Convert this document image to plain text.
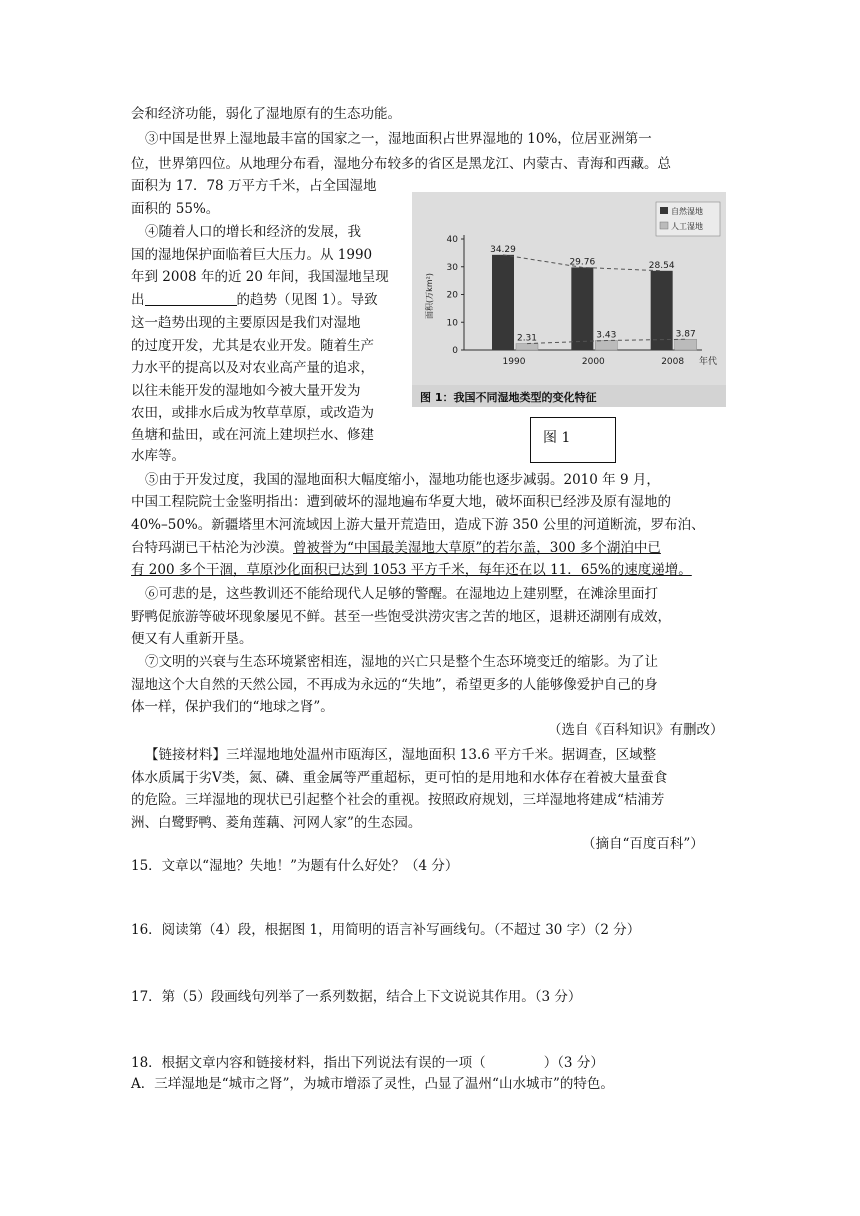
会和经济功能，弱化了湿地原有的生态功能。
③中国是世界上湿地最丰富的国家之一，湿地面积占世界湿地的 10%，位居亚洲第一
位，世界第四位。从地理分布看，湿地分布较多的省区是黑龙江、内蒙古、青海和西藏。总
面积为 17．78 万平方千米，占全国湿地
面积的 55%。
④随着人口的增长和经济的发展，我
国的湿地保护面临着巨大压力。从 1990
年到 2008 年的近 20 年间，我国湿地呈现
出	的趋势（见图 1）。导致
这一趋势出现的主要原因是我们对湿地
的过度开发，尤其是农业开发。随着生产
力水平的提高以及对农业高产量的追求，
以往未能开发的湿地如今被大量开发为
农田，或排水后成为牧草草原，或改造为
鱼塘和盐田，或在河流上建坝拦水、修建
水库等。
0
10
20
30
40
面积(万km²)
34.29
2.31
1990
29.76
3.43
2000
28.54
3.87
2008 年代
自然湿地
人工湿地
图 1：我国不同湿地类型的变化特征
图 1
⑤由于开发过度，我国的湿地面积大幅度缩小，湿地功能也逐步减弱。2010 年 9 月，
中国工程院院士金鉴明指出：遭到破坏的湿地遍布华夏大地，破坏面积已经涉及原有湿地的
40%–50%。新疆塔里木河流域因上游大量开荒造田，造成下游 350 公里的河道断流，罗布泊、
台特玛湖已干枯沦为沙漠。曾被誉为“中国最美湿地大草原”的若尔盖，300 多个湖泊中已
有 200 多个干涸，草原沙化面积已达到 1053 平方千米，每年还在以 11．65%的速度递增。
⑥可悲的是，这些教训还不能给现代人足够的警醒。在湿地边上建别墅，在滩涂里面打
野鸭促旅游等破坏现象屡见不鲜。甚至一些饱受洪涝灾害之苦的地区，退耕还湖刚有成效，
便又有人重新开垦。
⑦文明的兴衰与生态环境紧密相连，湿地的兴亡只是整个生态环境变迁的缩影。为了让
湿地这个大自然的天然公园，不再成为永远的“失地”，希望更多的人能够像爱护自己的身
体一样，保护我们的“地球之肾”。
（选自《百科知识》有删改）
【链接材料】三垟湿地地处温州市瓯海区，湿地面积 13.6 平方千米。据调查，区域整
体水质属于劣Ⅴ类，氮、磷、重金属等严重超标，更可怕的是用地和水体存在着被大量蚕食
的危险。三垟湿地的现状已引起整个社会的重视。按照政府规划，三垟湿地将建成“桔浦芳
洲、白鹭野鸭、菱角莲藕、河网人家”的生态园。
（摘自“百度百科”）
15．文章以“湿地？失地！”为题有什么好处？（4 分）
16．阅读第（4）段，根据图 1，用简明的语言补写画线句。（不超过 30 字）（2 分）
17．第（5）段画线句列举了一系列数据，结合上下文说说其作用。（3 分）
18．根据文章内容和链接材料，指出下列说法有误的一项（	）（3 分）
A．三垟湿地是“城市之肾”，为城市增添了灵性，凸显了温州“山水城市”的特色。
